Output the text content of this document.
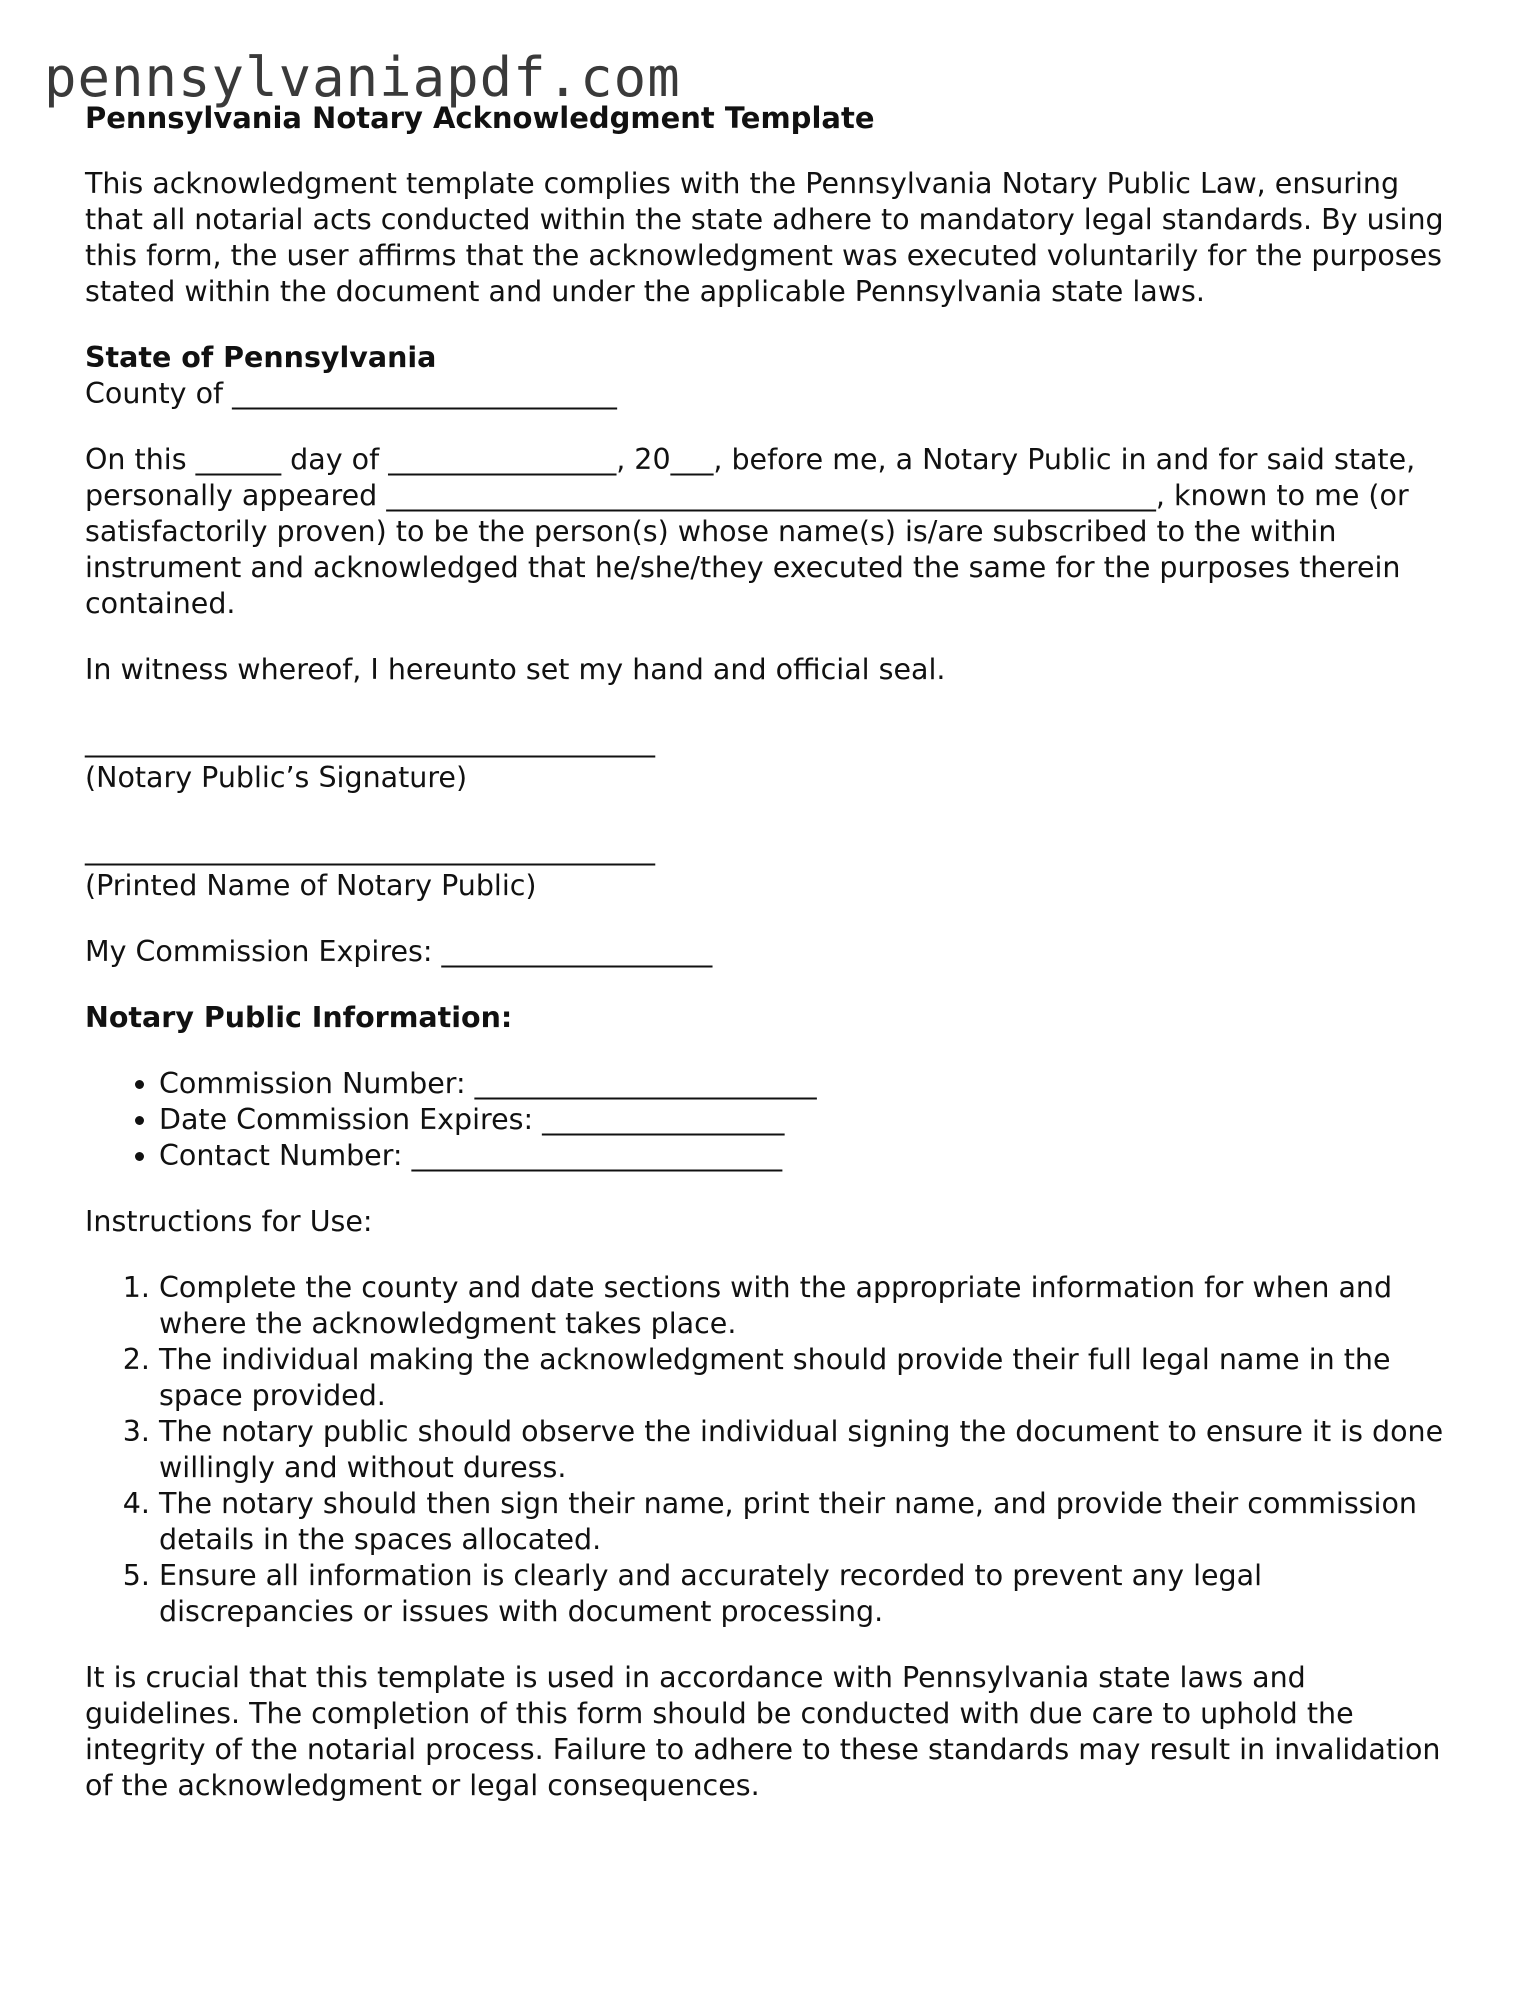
pennsylvaniapdf.com

Pennsylvania Notary Acknowledgment Template

This acknowledgment template complies with the Pennsylvania Notary Public Law, ensuring that all notarial acts conducted within the state adhere to mandatory legal standards. By using this form, the user affirms that the acknowledgment was executed voluntarily for the purposes stated within the document and under the applicable Pennsylvania state laws.

State of Pennsylvania

County of ___________________________

On this ______ day of ________________, 20___, before me, a Notary Public in and for said state, personally appeared ______________________________________________________, known to me (or satisfactorily proven) to be the person(s) whose name(s) is/are subscribed to the within instrument and acknowledged that he/she/they executed the same for the purposes therein contained.

In witness whereof, I hereunto set my hand and official seal.

________________________________________

(Notary Public’s Signature)

________________________________________

(Printed Name of Notary Public)

My Commission Expires: ___________________

Notary Public Information:

• Commission Number: ________________________
• Date Commission Expires: _________________
• Contact Number: __________________________

Instructions for Use:

1. Complete the county and date sections with the appropriate information for when and where the acknowledgment takes place.
2. The individual making the acknowledgment should provide their full legal name in the space provided.
3. The notary public should observe the individual signing the document to ensure it is done willingly and without duress.
4. The notary should then sign their name, print their name, and provide their commission details in the spaces allocated.
5. Ensure all information is clearly and accurately recorded to prevent any legal discrepancies or issues with document processing.

It is crucial that this template is used in accordance with Pennsylvania state laws and guidelines. The completion of this form should be conducted with due care to uphold the integrity of the notarial process. Failure to adhere to these standards may result in invalidation of the acknowledgment or legal consequences.
